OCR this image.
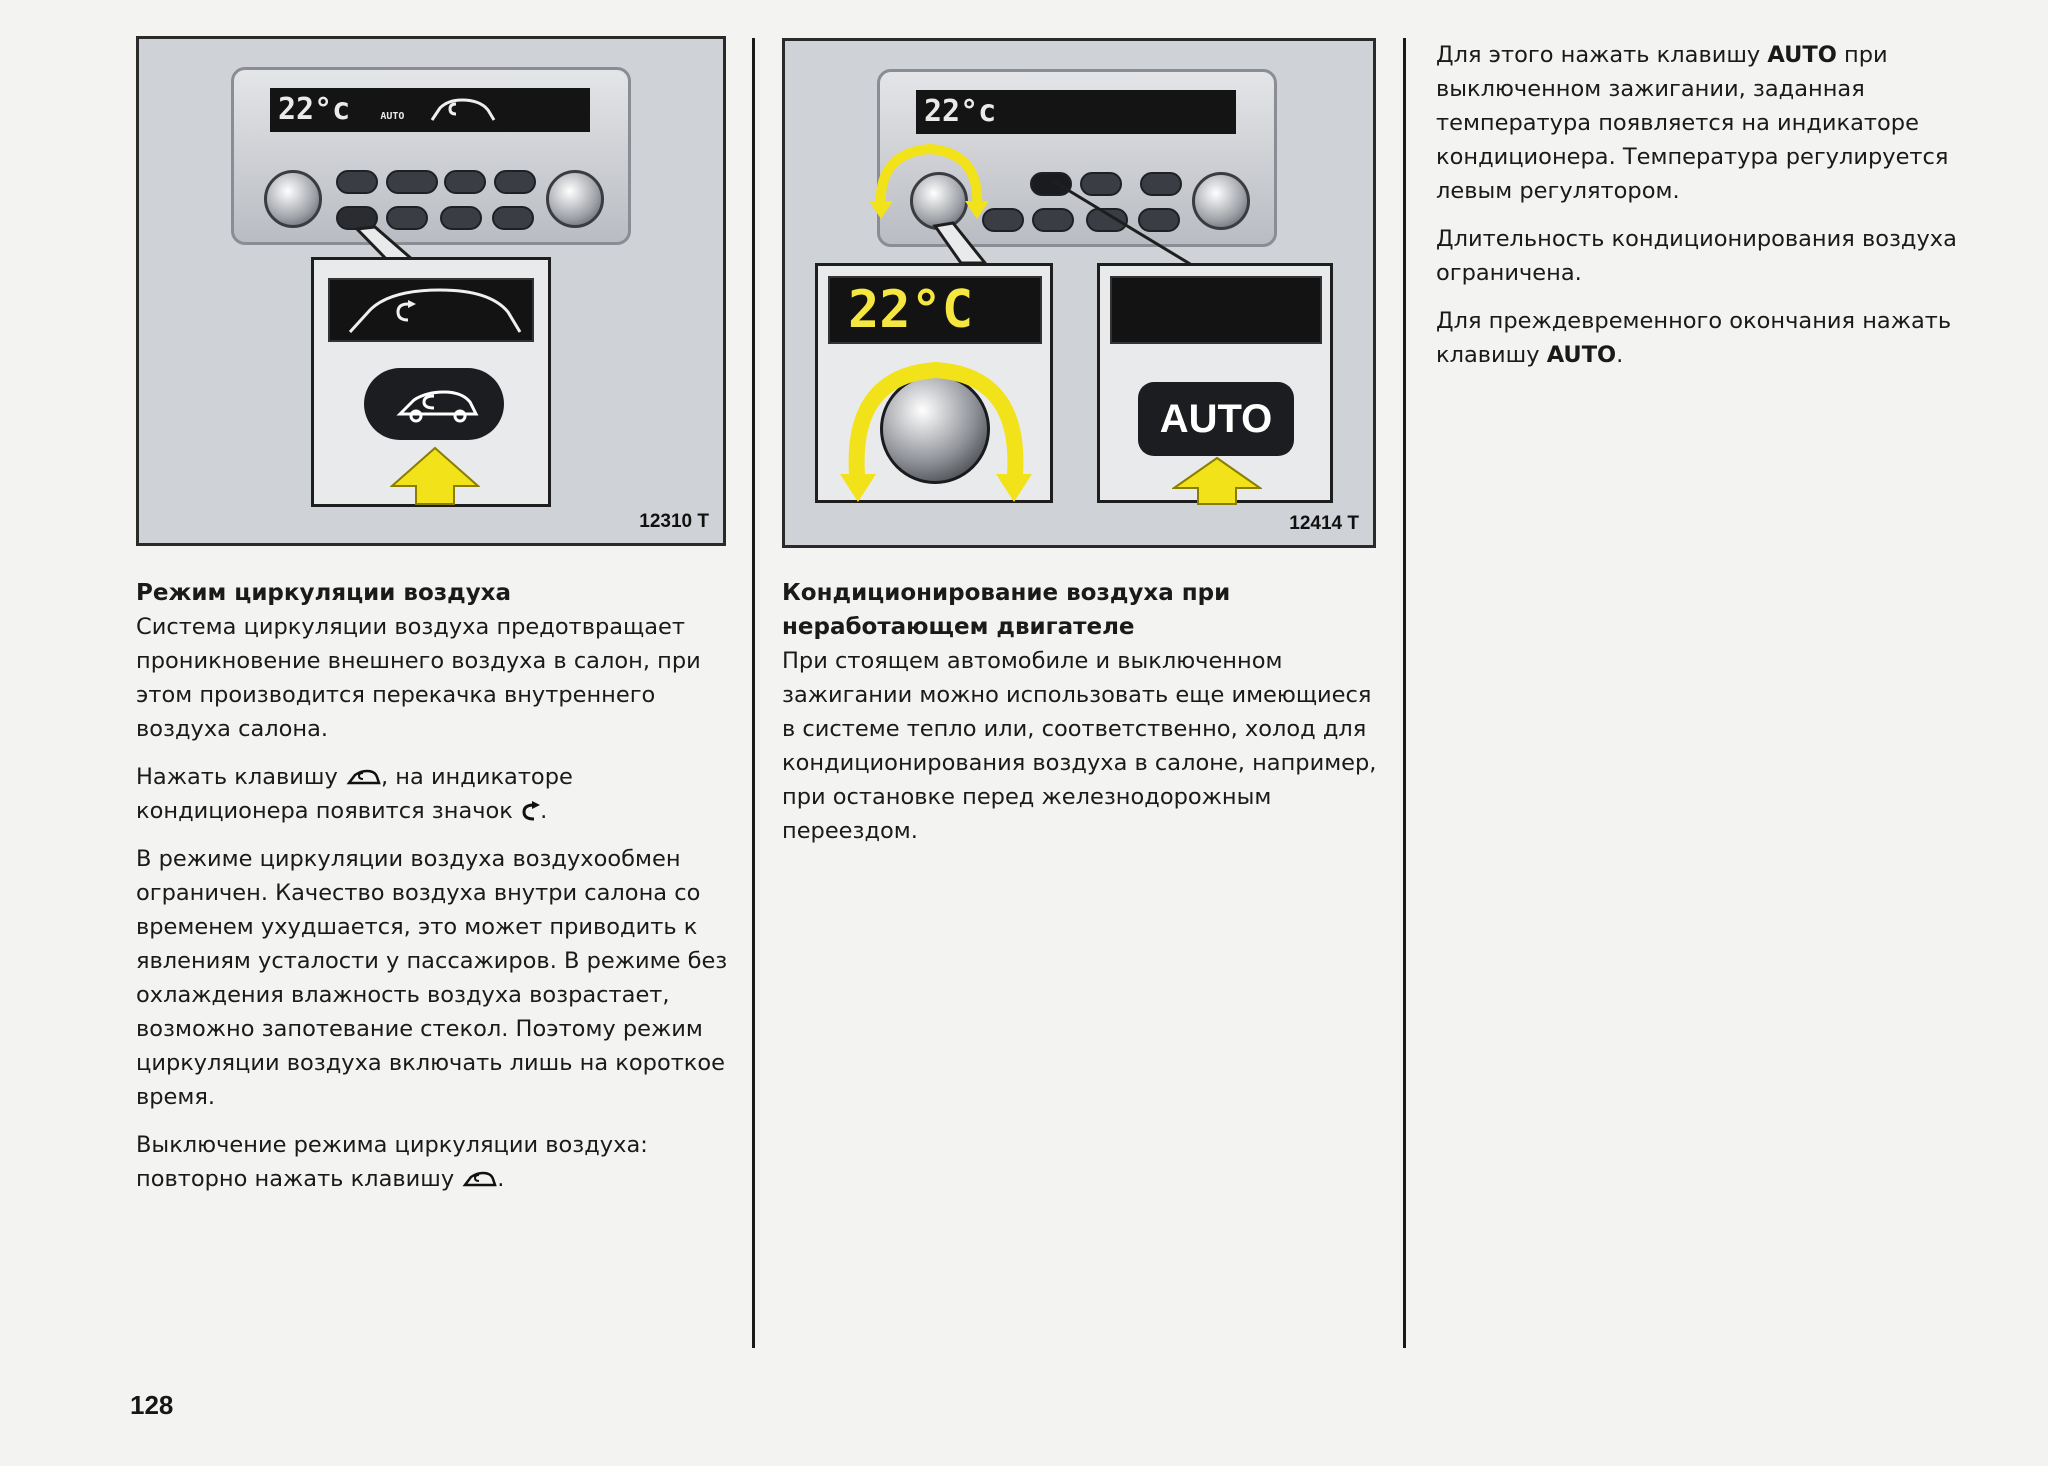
22°c	AUTO
12310 T
22°c
22°C
AUTO
12414 T
Режим циркуляции воздуха

Система циркуляции воздуха предотвращает проникновение внешнего воздуха в салон, при этом производится перекачка внутреннего воздуха салона.

Нажать клавишу , на индикаторе кондиционера появится значок .

В режиме циркуляции воздуха воздухообмен ограничен. Качество воздуха внутри салона со временем ухудшается, это может приводить к явлениям усталости у пассажиров. В режиме без охлаждения влажность воздуха возрастает, возможно запотевание стекол. Поэтому режим циркуляции воздуха включать лишь на короткое время.

Выключение режима циркуляции воздуха: повторно нажать клавишу .

Кондиционирование воздуха при неработающем двигателе

При стоящем автомобиле и выключенном зажигании можно использовать еще имеющиеся в системе тепло или, соответственно, холод для кондиционирования воздуха в салоне, например, при остановке перед железнодорожным переездом.

Для этого нажать клавишу AUTO при выключенном зажигании, заданная температура появляется на индикаторе кондиционера. Температура регулируется левым регулятором.

Длительность кондиционирования воздуха ограничена.

Для преждевременного окончания нажать клавишу AUTO.

128
